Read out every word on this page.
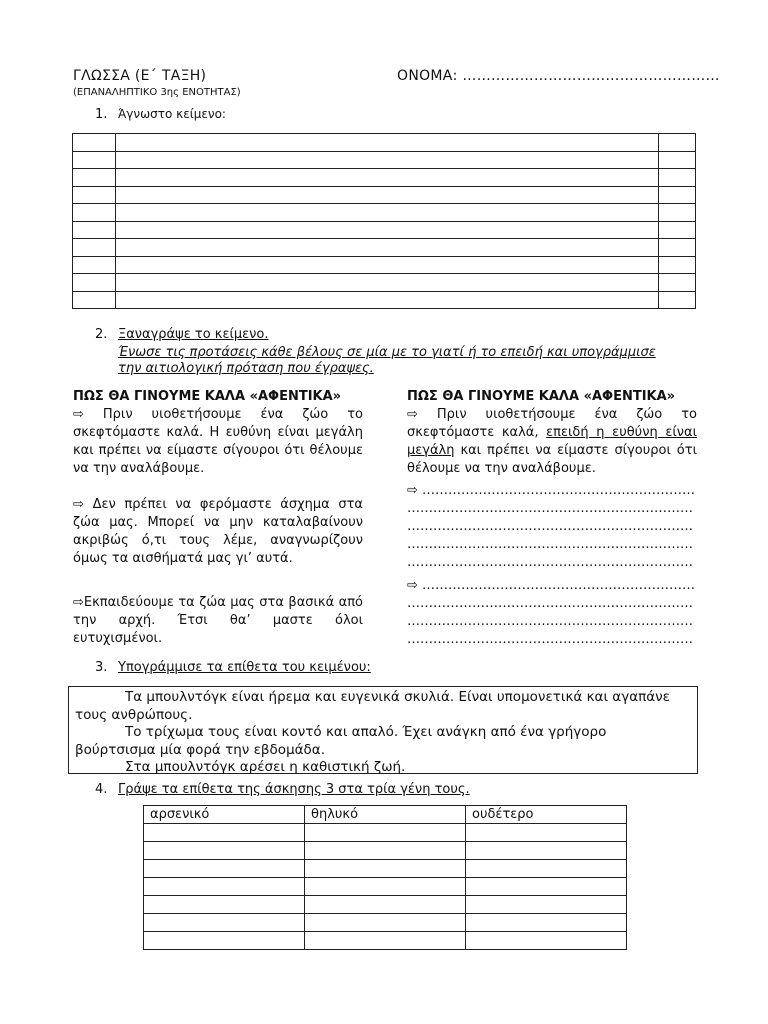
ΓΛΩΣΣΑ (Ε΄ ΤΑΞΗ)	ΟΝΟΜΑ: ………………………………………………
(ΕΠΑΝΑΛΗΠΤΙΚΟ 3ης ΕΝΟΤΗΤΑΣ)
1. Άγνωστο κείμενο:

2. Ξαναγράψε το κείμενο.
Ένωσε τις προτάσεις κάθε βέλους σε μία με το γιατί ή το επειδή και υπογράμμισε
την αιτιολογική πρόταση που έγραψες.
ΠΩΣ ΘΑ ΓΙΝΟΥΜΕ ΚΑΛΑ «ΑΦΕΝΤΙΚΑ»
⇨ Πριν υιοθετήσουμε ένα ζώο το σκεφτόμαστε καλά. Η ευθύνη είναι μεγάλη και πρέπει να είμαστε σίγουροι ότι θέλουμε να την αναλάβουμε.
⇨ Δεν πρέπει να φερόμαστε άσχημα στα ζώα μας. Μπορεί να μην καταλαβαίνουν ακριβώς ό,τι τους λέμε, αναγνωρίζουν όμως τα αισθήματά μας γι’ αυτά.
⇨Εκπαιδεύουμε τα ζώα μας στα βασικά από την αρχή. Έτσι θα’ μαστε όλοι ευτυχισμένοι.
ΠΩΣ ΘΑ ΓΙΝΟΥΜΕ ΚΑΛΑ «ΑΦΕΝΤΙΚΑ»
⇨ Πριν υιοθετήσουμε ένα ζώο το σκεφτόμαστε καλά, επειδή η ευθύνη είναι μεγάλη και πρέπει να είμαστε σίγουροι ότι θέλουμε να την αναλάβουμε.
⇨ ………………………………………………………
…………………………………………………………
…………………………………………………………
…………………………………………………………
…………………………………………………………
⇨ ………………………………………………………
…………………………………………………………
…………………………………………………………
…………………………………………………………
3. Υπογράμμισε τα επίθετα του κειμένου:
Τα μπουλντόγκ είναι ήρεμα και ευγενικά σκυλιά. Είναι υπομονετικά και αγαπάνε τους ανθρώπους.
Το τρίχωμα τους είναι κοντό και απαλό. Έχει ανάγκη από ένα γρήγορο βούρτσισμα μία φορά την εβδομάδα.
Στα μπουλντόγκ αρέσει η καθιστική ζωή.
4. Γράψε τα επίθετα της άσκησης 3 στα τρία γένη τους.
αρσενικό	θηλυκό	ουδέτερο
